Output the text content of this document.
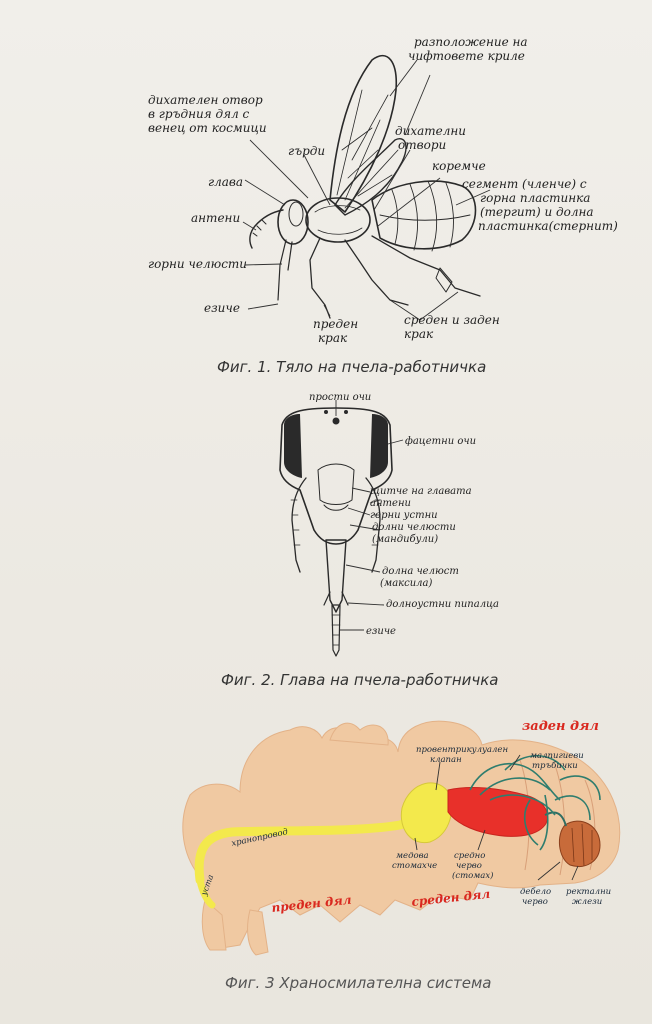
разположение на
чифтовете криле
дихателен отвор
в гръдния дял с
венец от космици
гърди
дихателни
отвори
коремче
сегмент (членче) с
горна пластинка
(тергит) и долна
пластинка(стернит)
глава
антени
горни челюсти
езиче
преден
крак
среден и заден
крак
Фиг. 1. Тяло на пчела-работничка
прости очи
фацетни очи
щитче на главата
антени
горни устни
долни челюсти
(мандибули)
долна челюст
(максила)
долноустни пипалца
езиче
Фиг. 2. Глава на пчела-работничка
заден дял
провентрикулуален
клапан	малпигиеви
тръбички
хранопровод
медова
стомахче
средно
черво
(стомах)
уста
преден дял	среден дял	дебело
черво
ректални
жлези
Фиг. 3 Храносмилателна система
